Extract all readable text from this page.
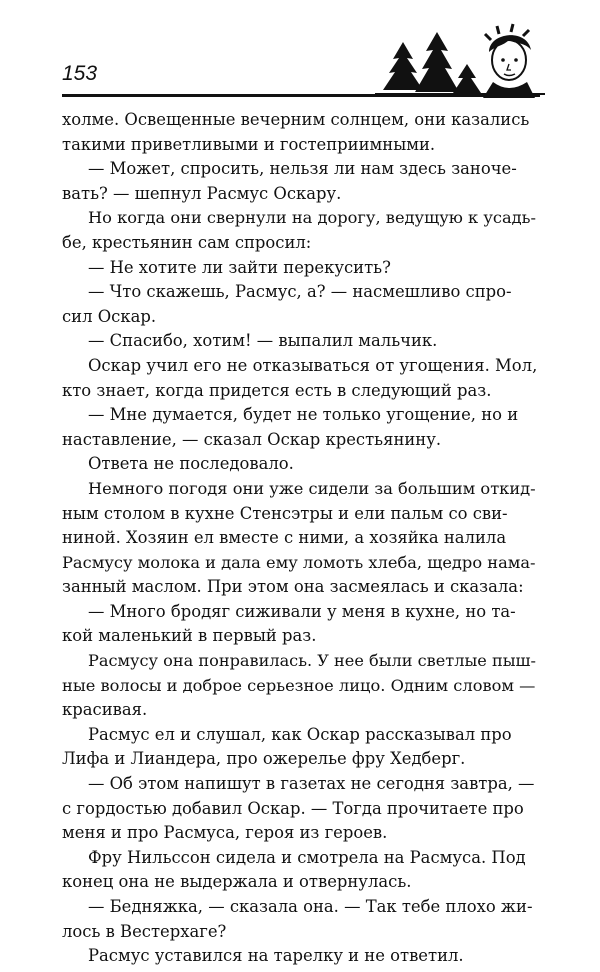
153
холме. Освещенные вечерним солнцем, они казались
такими приветливыми и гостеприимными.
— Может, спросить, нельзя ли нам здесь заноче-
вать? — шепнул Расмус Оскару.
Но когда они свернули на дорогу, ведущую к усадь-
бе, крестьянин сам спросил:
— Не хотите ли зайти перекусить?
— Что скажешь, Расмус, а? — насмешливо спро-
сил Оскар.
— Спасибо, хотим! — выпалил мальчик.
Оскар учил его не отказываться от угощения. Мол,
кто знает, когда придется есть в следующий раз.
— Мне думается, будет не только угощение, но и
наставление, — сказал Оскар крестьянину.
Ответа не последовало.
Немного погодя они уже сидели за большим откид-
ным столом в кухне Стенсэтры и ели пальм со сви-
ниной. Хозяин ел вместе с ними, а хозяйка налила
Расмусу молока и дала ему ломоть хлеба, щедро нама-
занный маслом. При этом она засмеялась и сказала:
— Много бродяг сиживали у меня в кухне, но та-
кой маленький в первый раз.
Расмусу она понравилась. У нее были светлые пыш-
ные волосы и доброе серьезное лицо. Одним словом —
красивая.
Расмус ел и слушал, как Оскар рассказывал про
Лифа и Лиандера, про ожерелье фру Хедберг.
— Об этом напишут в газетах не сегодня завтра, —
с гордостью добавил Оскар. — Тогда прочитаете про
меня и про Расмуса, героя из героев.
Фру Нильссон сидела и смотрела на Расмуса. Под
конец она не выдержала и отвернулась.
— Бедняжка, — сказала она. — Так тебе плохо жи-
лось в Вестерхаге?
Расмус уставился на тарелку и не ответил.
